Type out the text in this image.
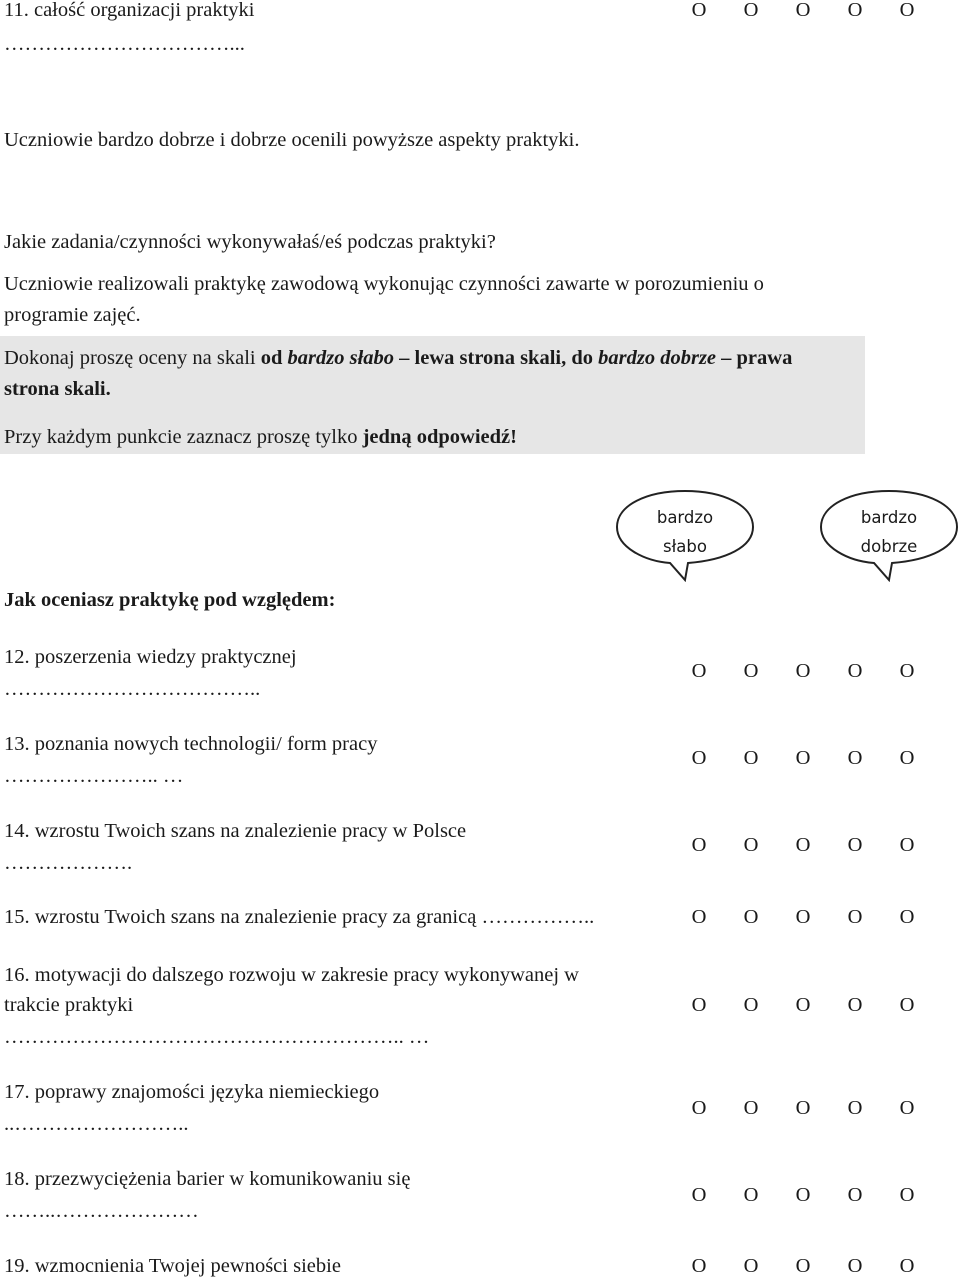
11. całość organizacji praktyki	O	O	O	O	O
……………………………...
Uczniowie bardzo dobrze i dobrze ocenili powyższe aspekty praktyki.
Jakie zadania/czynności wykonywałaś/eś podczas praktyki?
Uczniowie realizowali praktykę zawodową wykonując czynności zawarte w porozumieniu o
programie zajęć.
Dokonaj proszę oceny na skali od bardzo słabo – lewa strona skali, do bardzo dobrze – prawa
strona skali.
Przy każdym punkcie zaznacz proszę tylko jedną odpowiedź!
bardzo
słabo
bardzo
dobrze
Jak oceniasz praktykę pod względem:
12. poszerzenia wiedzy praktycznej
………………………………..
O	O	O	O	O
13. poznania nowych technologii/ form pracy
………………….. …
O	O	O	O	O
14. wzrostu Twoich szans na znalezienie pracy w Polsce
……………….
O	O	O	O	O
15. wzrostu Twoich szans na znalezienie pracy za granicą ……………..	O	O	O	O	O
16. motywacji do dalszego rozwoju w zakresie pracy wykonywanej w
trakcie praktyki
………………………………………………….. …
O	O	O	O	O
17. poprawy znajomości języka niemieckiego
..……………………..
O	O	O	O	O
18. przezwyciężenia barier w komunikowaniu się
……..…………………
O	O	O	O	O
19. wzmocnienia Twojej pewności siebie	O	O	O	O	O
